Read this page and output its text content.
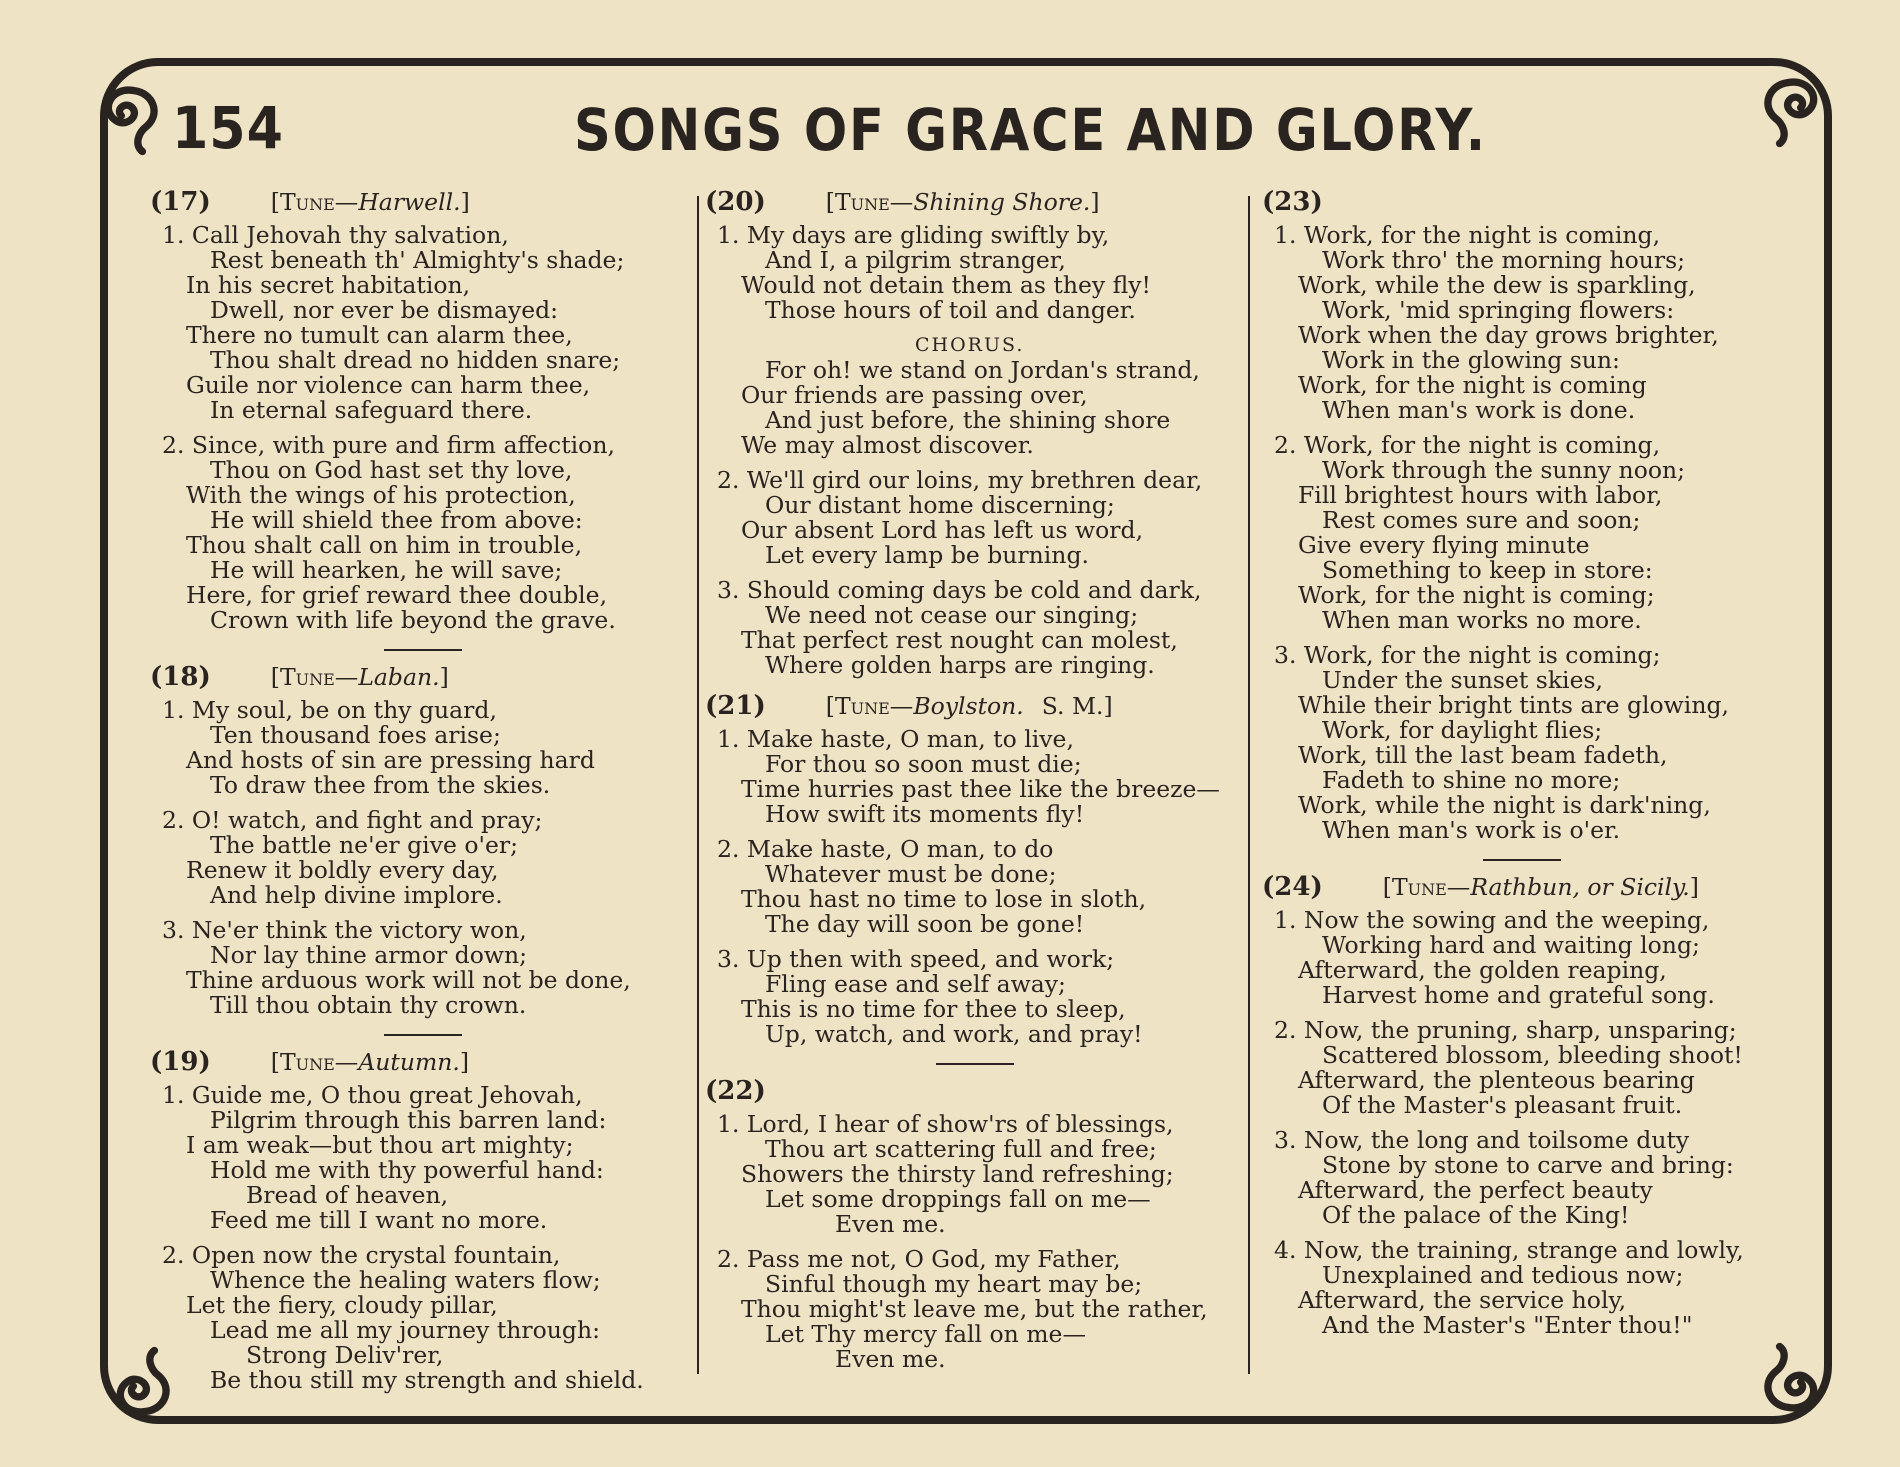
154	SONGS OF GRACE AND GLORY.
(17)	[Tune—Harwell.]
1. Call Jehovah thy salvation,
Rest beneath th' Almighty's shade;
In his secret habitation,
Dwell, nor ever be dismayed:
There no tumult can alarm thee,
Thou shalt dread no hidden snare;
Guile nor violence can harm thee,
In eternal safeguard there.
2. Since, with pure and firm affection,
Thou on God hast set thy love,
With the wings of his protection,
He will shield thee from above:
Thou shalt call on him in trouble,
He will hearken, he will save;
Here, for grief reward thee double,
Crown with life beyond the grave.
(18)	[Tune—Laban.]
1. My soul, be on thy guard,
Ten thousand foes arise;
And hosts of sin are pressing hard
To draw thee from the skies.
2. O! watch, and fight and pray;
The battle ne'er give o'er;
Renew it boldly every day,
And help divine implore.
3. Ne'er think the victory won,
Nor lay thine armor down;
Thine arduous work will not be done,
Till thou obtain thy crown.
(19)	[Tune—Autumn.]
1. Guide me, O thou great Jehovah,
Pilgrim through this barren land:
I am weak—but thou art mighty;
Hold me with thy powerful hand:
Bread of heaven,
Feed me till I want no more.
2. Open now the crystal fountain,
Whence the healing waters flow;
Let the fiery, cloudy pillar,
Lead me all my journey through:
Strong Deliv'rer,
Be thou still my strength and shield.
(20)	[Tune—Shining Shore.]
1. My days are gliding swiftly by,
And I, a pilgrim stranger,
Would not detain them as they fly!
Those hours of toil and danger.
CHORUS.
For oh! we stand on Jordan's strand,
Our friends are passing over,
And just before, the shining shore
We may almost discover.
2. We'll gird our loins, my brethren dear,
Our distant home discerning;
Our absent Lord has left us word,
Let every lamp be burning.
3. Should coming days be cold and dark,
We need not cease our singing;
That perfect rest nought can molest,
Where golden harps are ringing.
(21)	[Tune—Boylston. S. M.]
1. Make haste, O man, to live,
For thou so soon must die;
Time hurries past thee like the breeze—
How swift its moments fly!
2. Make haste, O man, to do
Whatever must be done;
Thou hast no time to lose in sloth,
The day will soon be gone!
3. Up then with speed, and work;
Fling ease and self away;
This is no time for thee to sleep,
Up, watch, and work, and pray!
(22)
1. Lord, I hear of show'rs of blessings,
Thou art scattering full and free;
Showers the thirsty land refreshing;
Let some droppings fall on me—
Even me.
2. Pass me not, O God, my Father,
Sinful though my heart may be;
Thou might'st leave me, but the rather,
Let Thy mercy fall on me—
Even me.
(23)
1. Work, for the night is coming,
Work thro' the morning hours;
Work, while the dew is sparkling,
Work, 'mid springing flowers:
Work when the day grows brighter,
Work in the glowing sun:
Work, for the night is coming
When man's work is done.
2. Work, for the night is coming,
Work through the sunny noon;
Fill brightest hours with labor,
Rest comes sure and soon;
Give every flying minute
Something to keep in store:
Work, for the night is coming;
When man works no more.
3. Work, for the night is coming;
Under the sunset skies,
While their bright tints are glowing,
Work, for daylight flies;
Work, till the last beam fadeth,
Fadeth to shine no more;
Work, while the night is dark'ning,
When man's work is o'er.
(24)	[Tune—Rathbun, or Sicily.]
1. Now the sowing and the weeping,
Working hard and waiting long;
Afterward, the golden reaping,
Harvest home and grateful song.
2. Now, the pruning, sharp, unsparing;
Scattered blossom, bleeding shoot!
Afterward, the plenteous bearing
Of the Master's pleasant fruit.
3. Now, the long and toilsome duty
Stone by stone to carve and bring:
Afterward, the perfect beauty
Of the palace of the King!
4. Now, the training, strange and lowly,
Unexplained and tedious now;
Afterward, the service holy,
And the Master's "Enter thou!"
